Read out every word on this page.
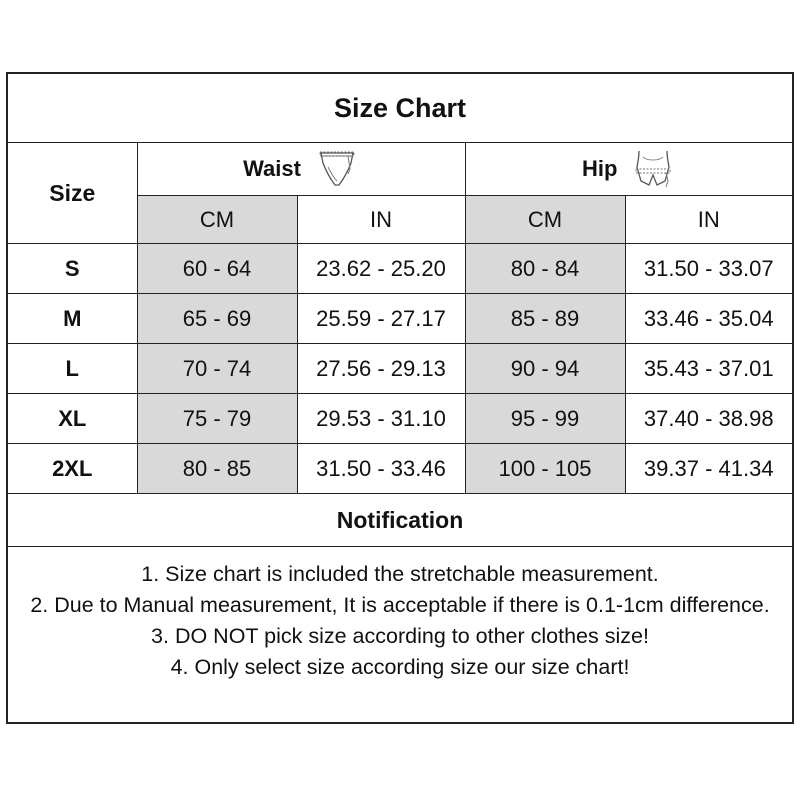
Size Chart				
Size	Waist		Hip	

	CM	IN	CM	IN
S	60 - 64	23.62 - 25.20	80 - 84	31.50 - 33.07
M	65 - 69	25.59 - 27.17	85 - 89	33.46 - 35.04
L	70 - 74	27.56 - 29.13	90 - 94	35.43 - 37.01
XL	75 - 79	29.53 - 31.10	95 - 99	37.40 - 38.98
2XL	80 - 85	31.50 - 33.46	100 - 105	39.37 - 41.34
Notification				
1. Size chart is included the stretchable measurement.
2. Due to Manual measurement, It is acceptable if there is 0.1-1cm difference.
3. DO NOT pick size according to other clothes size!
4. Only select size according size our size chart!
